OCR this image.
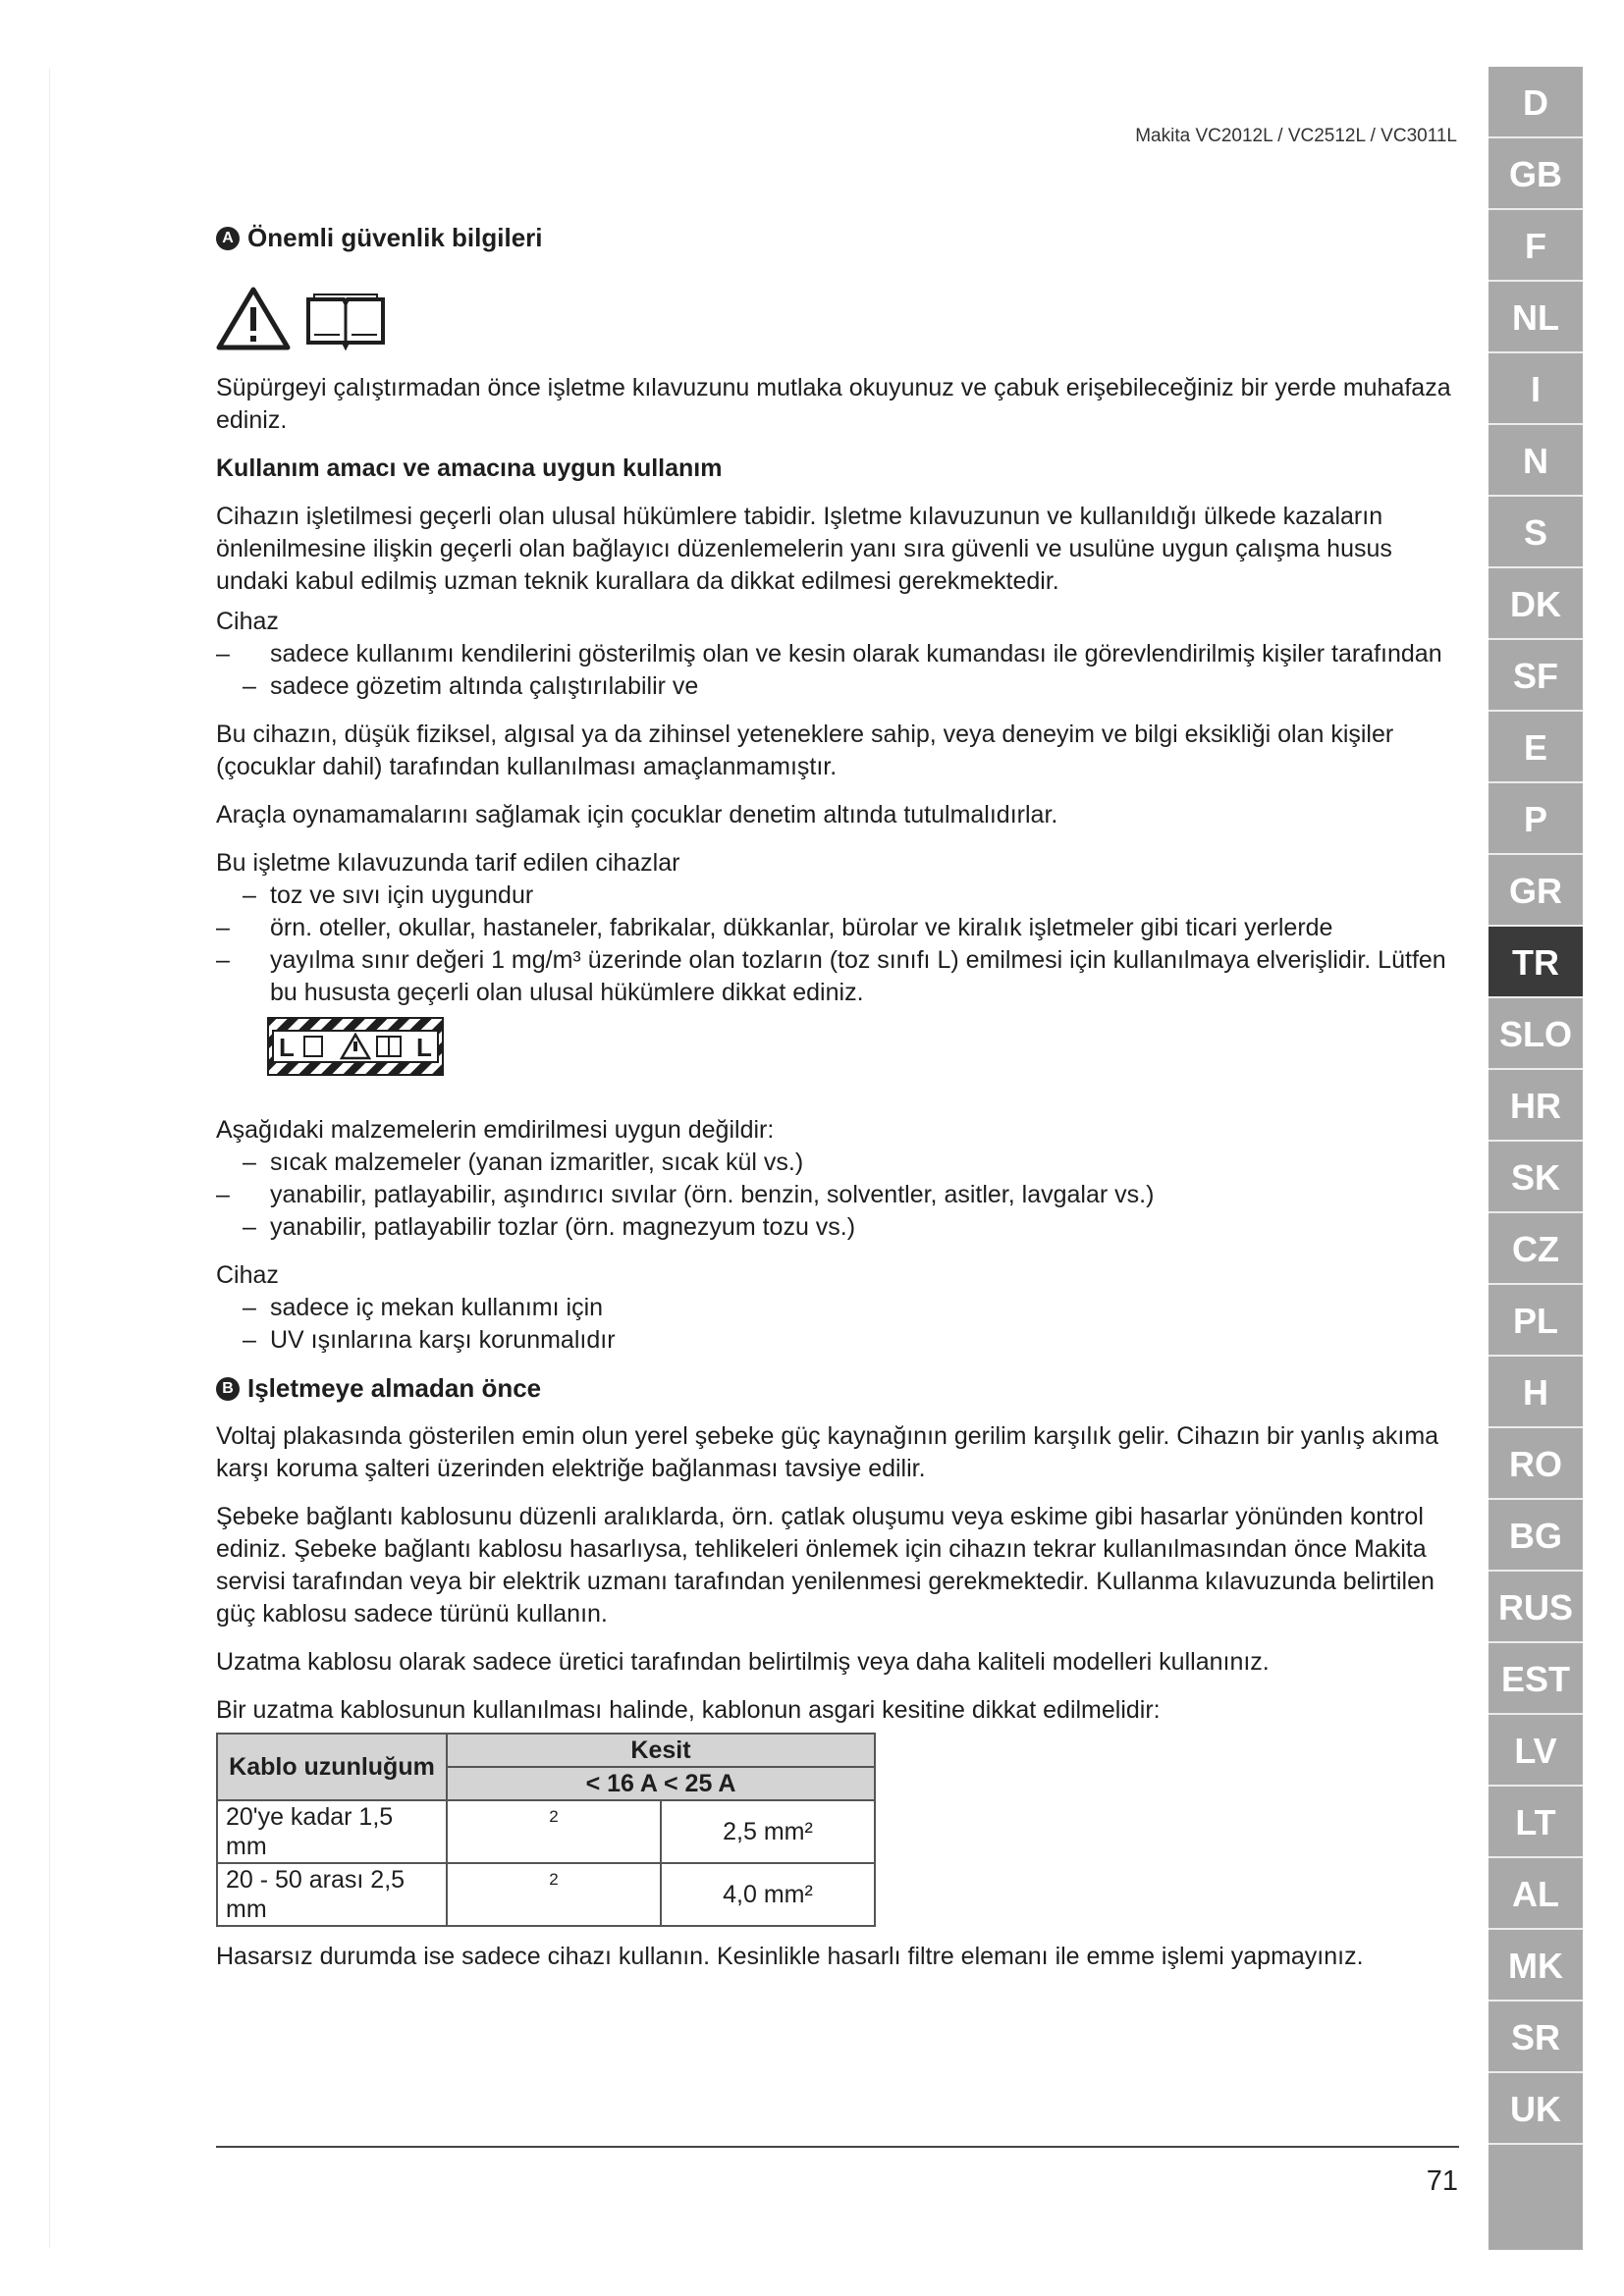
Makita VC2012L / VC2512L / VC3011L
A Önemli güvenlik bilgileri

Süpürgeyi çalıştırmadan önce işletme kılavuzunu mutlaka okuyunuz ve çabuk erişebileceğiniz bir yerde muhafaza ediniz.

Kullanım amacı ve amacına uygun kullanım

Cihazın işletilmesi geçerli olan ulusal hükümlere tabidir. Işletme kılavuzunun ve kullanıldığı ülkede kazaların önlenilmesine ilişkin geçerli olan bağlayıcı düzenlemelerin yanı sıra güvenli ve usulüne uygun çalışma husus undaki kabul edilmiş uzman teknik kurallara da dikkat edilmesi gerekmektedir.

Cihaz

–	sadece kullanımı kendilerini gösterilmiş olan ve kesin olarak kumandası ile görevlendirilmiş kişiler tarafından
– sadece gözetim altında çalıştırılabilir ve

Bu cihazın, düşük fiziksel, algısal ya da zihinsel yeteneklere sahip, veya deneyim ve bilgi eksikliği olan kişiler (çocuklar dahil) tarafından kullanılması amaçlanmamıştır.

Araçla oynamamalarını sağlamak için çocuklar denetim altında tutulmalıdırlar.

Bu işletme kılavuzunda tarif edilen cihazlar

– toz ve sıvı için uygundur
–	örn. oteller, okullar, hastaneler, fabrikalar, dükkanlar, bürolar ve kiralık işletmeler gibi ticari yerlerde
–	yayılma sınır değeri 1 mg/m³ üzerinde olan tozların (toz sınıfı L) emilmesi için kullanılmaya elverişlidir. Lütfen bu hususta geçerli olan ulusal hükümlere dikkat ediniz.
L	L

Aşağıdaki malzemelerin emdirilmesi uygun değildir:

– sıcak malzemeler (yanan izmaritler, sıcak kül vs.)
–	yanabilir, patlayabilir, aşındırıcı sıvılar (örn. benzin, solventler, asitler, lavgalar vs.)
– yanabilir, patlayabilir tozlar (örn. magnezyum tozu vs.)

Cihaz

– sadece iç mekan kullanımı için
– UV ışınlarına karşı korunmalıdır
B Işletmeye almadan önce

Voltaj plakasında gösterilen emin olun yerel şebeke güç kaynağının gerilim karşılık gelir. Cihazın bir yanlış akıma karşı koruma şalteri üzerinden elektriğe bağlanması tavsiye edilir.

Şebeke bağlantı kablosunu düzenli aralıklarda, örn. çatlak oluşumu veya eskime gibi hasarlar yönünden kontrol ediniz. Şebeke bağlantı kablosu hasarlıysa, tehlikeleri önlemek için cihazın tekrar kullanılmasından önce Makita servisi tarafından veya bir elektrik uzmanı tarafından yenilenmesi gerekmektedir. Kullanma kılavuzunda belirtilen güç kablosu sadece türünü kullanın.

Uzatma kablosu olarak sadece üretici tarafından belirtilmiş veya daha kaliteli modelleri kullanınız.

Bir uzatma kablosunun kullanılması halinde, kablonun asgari kesitine dikkat edilmelidir:

Kablo uzunluğum	Kesit	
	< 16 A < 25 A	
20'ye kadar 1,5 mm	2	2,5 mm²
20 - 50 arası 2,5 mm	2	4,0 mm²

Hasarsız durumda ise sadece cihazı kullanın. Kesinlikle hasarlı filtre elemanı ile emme işlemi yapmayınız.

71
D
GB
F
NL
I
N
S
DK
SF
E
P
GR
TR
SLO
HR
SK
CZ
PL
H
RO
BG
RUS
EST
LV
LT
AL
MK
SR
UK
